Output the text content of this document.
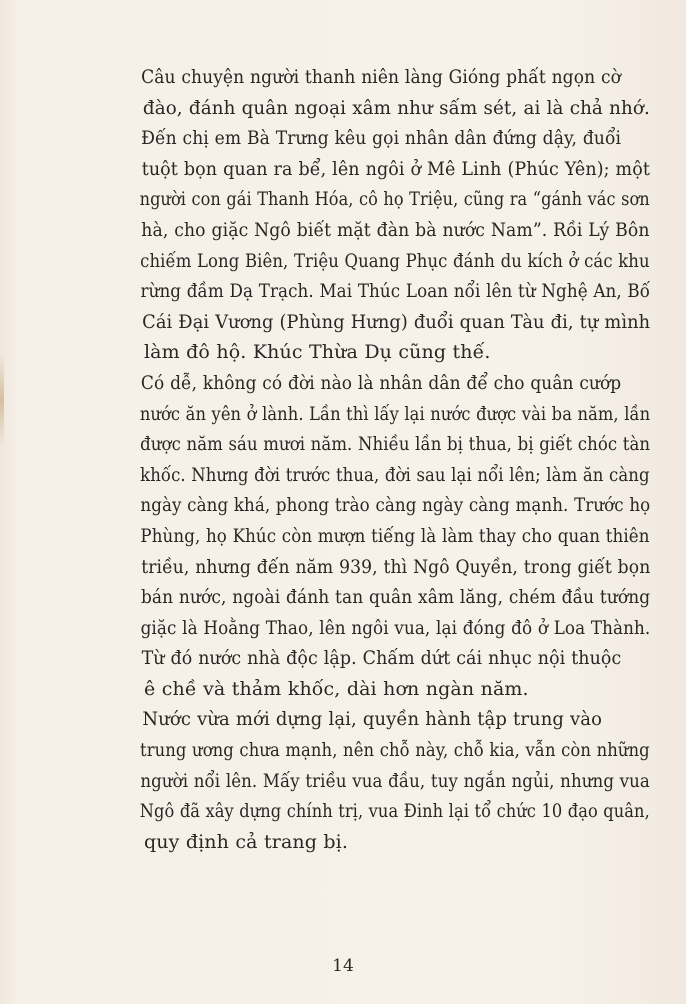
Câu chuyện người thanh niên làng Gióng phất ngọn cờ
đào, đánh quân ngoại xâm như sấm sét, ai là chả nhớ.

Đến chị em Bà Trưng kêu gọi nhân dân đứng dậy, đuổi
tuột bọn quan ra bể, lên ngôi ở Mê Linh (Phúc Yên); một
người con gái Thanh Hóa, cô họ Triệu, cũng ra “gánh vác sơn
hà, cho giặc Ngô biết mặt đàn bà nước Nam”. Rồi Lý Bôn
chiếm Long Biên, Triệu Quang Phục đánh du kích ở các khu
rừng đầm Dạ Trạch. Mai Thúc Loan nổi lên từ Nghệ An, Bố
Cái Đại Vương (Phùng Hưng) đuổi quan Tàu đi, tự mình
làm đô hộ. Khúc Thừa Dụ cũng thế.

Có dễ, không có đời nào là nhân dân để cho quân cướp
nước ăn yên ở lành. Lần thì lấy lại nước được vài ba năm, lần
được năm sáu mươi năm. Nhiều lần bị thua, bị giết chóc tàn
khốc. Nhưng đời trước thua, đời sau lại nổi lên; làm ăn càng
ngày càng khá, phong trào càng ngày càng mạnh. Trước họ
Phùng, họ Khúc còn mượn tiếng là làm thay cho quan thiên
triều, nhưng đến năm 939, thì Ngô Quyền, trong giết bọn
bán nước, ngoài đánh tan quân xâm lăng, chém đầu tướng
giặc là Hoằng Thao, lên ngôi vua, lại đóng đô ở Loa Thành.

Từ đó nước nhà độc lập. Chấm dứt cái nhục nội thuộc
ê chề và thảm khốc, dài hơn ngàn năm.

Nước vừa mới dựng lại, quyền hành tập trung vào
trung ương chưa mạnh, nên chỗ này, chỗ kia, vẫn còn những
người nổi lên. Mấy triều vua đầu, tuy ngắn ngủi, nhưng vua
Ngô đã xây dựng chính trị, vua Đinh lại tổ chức 10 đạo quân,
quy định cả trang bị.

14
